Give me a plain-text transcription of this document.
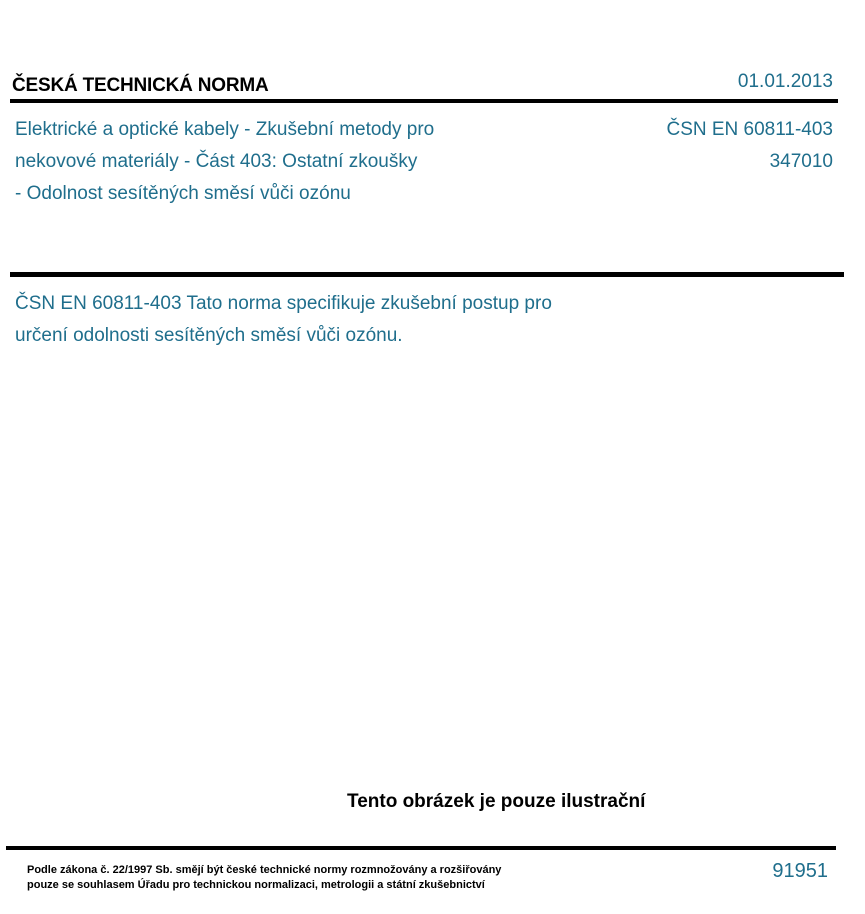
ČESKÁ TECHNICKÁ NORMA	01.01.2013
Elektrické a optické kabely - Zkušební metody pro
nekovové materiály - Část 403: Ostatní zkoušky
- Odolnost sesítěných směsí vůči ozónu
ČSN EN 60811-403
347010
ČSN EN 60811-403 Tato norma specifikuje zkušební postup pro
určení odolnosti sesítěných směsí vůči ozónu.
Tento obrázek je pouze ilustrační
Podle zákona č. 22/1997 Sb. smějí být české technické normy rozmnožovány a rozšiřovány
pouze se souhlasem Úřadu pro technickou normalizaci, metrologii a státní zkušebnictví
91951
